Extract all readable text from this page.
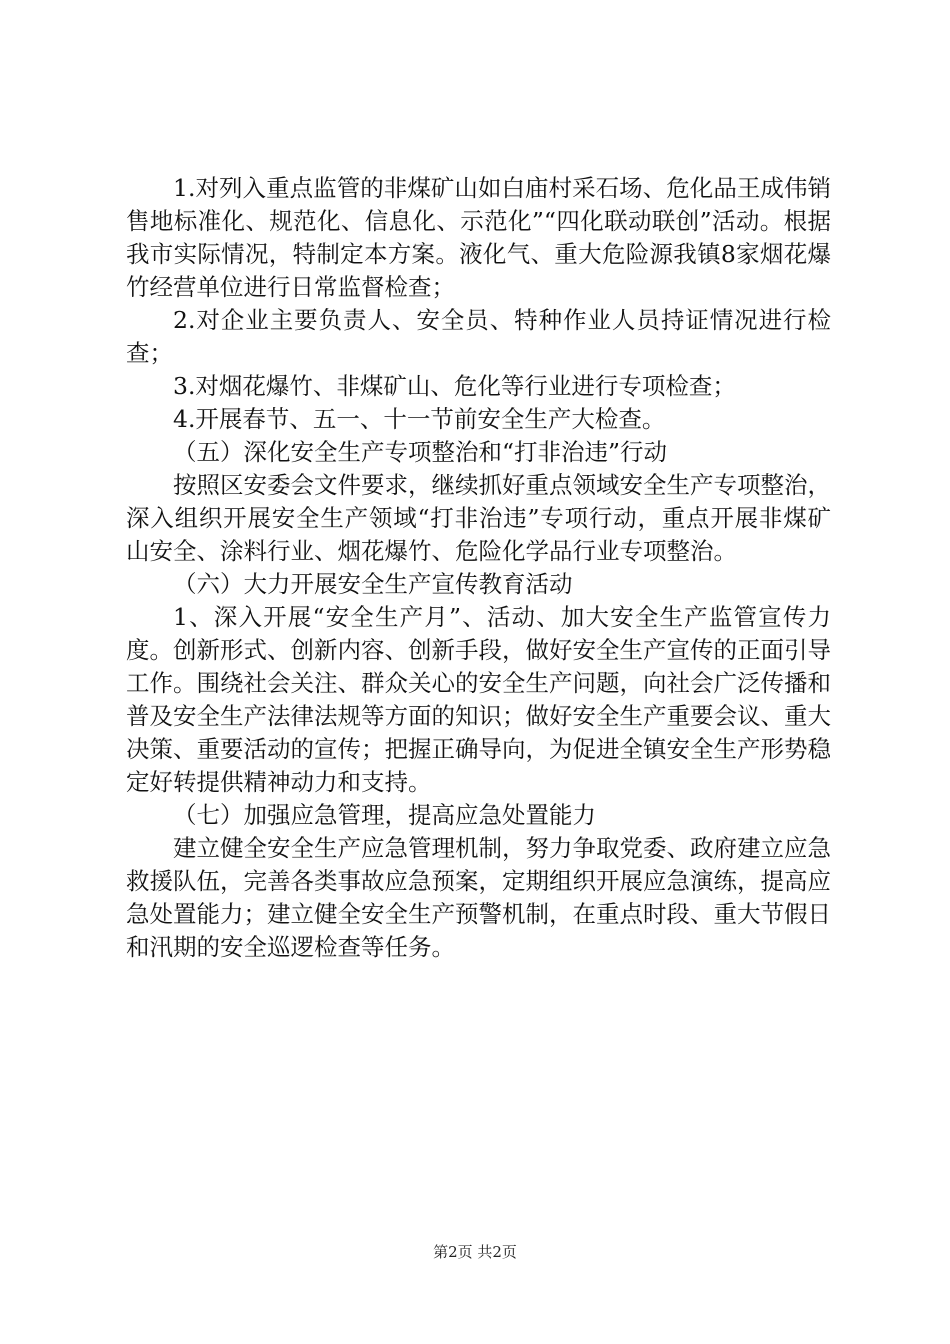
1.对列入重点监管的非煤矿山如白庙村采石场、危化品王成伟销售地标准化、规范化、信息化、示范化”“四化联动联创”活动。根据我市实际情况，特制定本方案。液化气、重大危险源我镇8家烟花爆竹经营单位进行日常监督检查；

2.对企业主要负责人、安全员、特种作业人员持证情况进行检查；

3.对烟花爆竹、非煤矿山、危化等行业进行专项检查；

4.开展春节、五一、十一节前安全生产大检查。

（五）深化安全生产专项整治和“打非治违”行动

按照区安委会文件要求，继续抓好重点领域安全生产专项整治，深入组织开展安全生产领域“打非治违”专项行动，重点开展非煤矿山安全、涂料行业、烟花爆竹、危险化学品行业专项整治。

（六）大力开展安全生产宣传教育活动

1、深入开展“安全生产月”、活动、加大安全生产监管宣传力度。创新形式、创新内容、创新手段，做好安全生产宣传的正面引导工作。围绕社会关注、群众关心的安全生产问题，向社会广泛传播和普及安全生产法律法规等方面的知识；做好安全生产重要会议、重大决策、重要活动的宣传；把握正确导向，为促进全镇安全生产形势稳定好转提供精神动力和支持。

（七）加强应急管理，提高应急处置能力

建立健全安全生产应急管理机制，努力争取党委、政府建立应急救援队伍，完善各类事故应急预案，定期组织开展应急演练，提高应急处置能力；建立健全安全生产预警机制，在重点时段、重大节假日和汛期的安全巡逻检查等任务。

第2页 共2页
